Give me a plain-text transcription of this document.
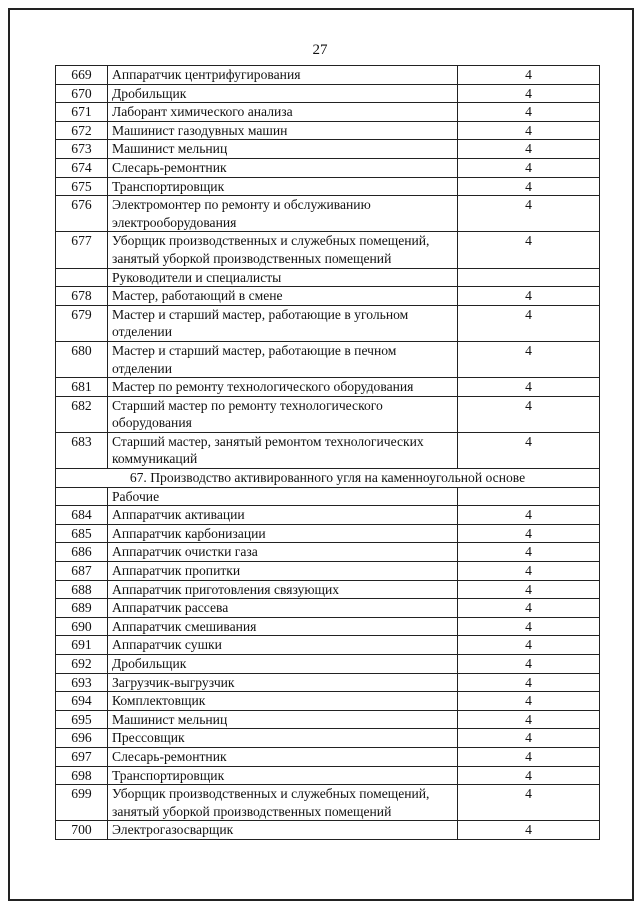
27
669	Аппаратчик центрифугирования	4
670	Дробильщик	4
671	Лаборант химического анализа	4
672	Машинист газодувных машин	4
673	Машинист мельниц	4
674	Слесарь-ремонтник	4
675	Транспортировщик	4
676	Электромонтер по ремонту и обслуживанию электрооборудования	4
677	Уборщик производственных и служебных помещений, занятый уборкой производственных помещений	4
	Руководители и специалисты	
678	Мастер, работающий в смене	4
679	Мастер и старший мастер, работающие в угольном отделении	4
680	Мастер и старший мастер, работающие в печном отделении	4
681	Мастер по ремонту технологического оборудования	4
682	Старший мастер по ремонту технологического оборудования	4
683	Старший мастер, занятый ремонтом технологических коммуникаций	4
67. Производство активированного угля на каменноугольной основе		
	Рабочие	
684	Аппаратчик активации	4
685	Аппаратчик карбонизации	4
686	Аппаратчик очистки газа	4
687	Аппаратчик пропитки	4
688	Аппаратчик приготовления связующих	4
689	Аппаратчик рассева	4
690	Аппаратчик смешивания	4
691	Аппаратчик сушки	4
692	Дробильщик	4
693	Загрузчик-выгрузчик	4
694	Комплектовщик	4
695	Машинист мельниц	4
696	Прессовщик	4
697	Слесарь-ремонтник	4
698	Транспортировщик	4
699	Уборщик производственных и служебных помещений, занятый уборкой производственных помещений	4
700	Электрогазосварщик	4
